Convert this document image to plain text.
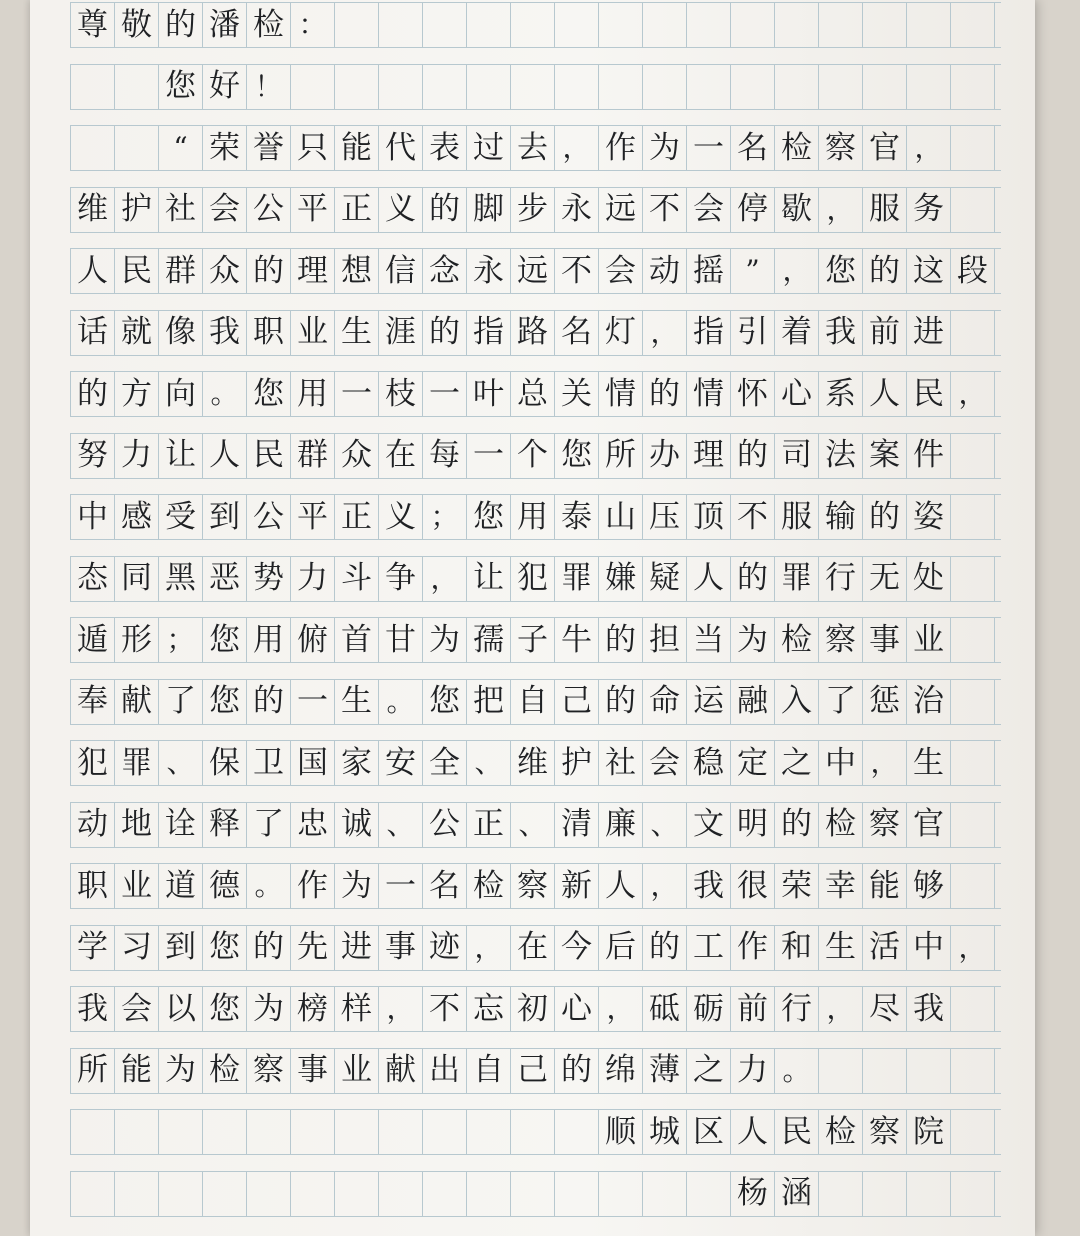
尊 敬 的 潘 检 ：
您 好 ！
“ 荣 誉 只 能 代 表 过 去 ， 作 为 一 名 检 察 官 ，
维 护 社 会 公 平 正 义 的 脚 步 永 远 不 会 停 歇 ， 服 务
人 民 群 众 的 理 想 信 念 永 远 不 会 动 摇 ” ， 您 的 这 段
话 就 像 我 职 业 生 涯 的 指 路 名 灯 ， 指 引 着 我 前 进
的 方 向 。 您 用 一 枝 一 叶 总 关 情 的 情 怀 心 系 人 民 ，
努 力 让 人 民 群 众 在 每 一 个 您 所 办 理 的 司 法 案 件
中 感 受 到 公 平 正 义 ； 您 用 泰 山 压 顶 不 服 输 的 姿
态 同 黑 恶 势 力 斗 争 ， 让 犯 罪 嫌 疑 人 的 罪 行 无 处
遁 形 ； 您 用 俯 首 甘 为 孺 子 牛 的 担 当 为 检 察 事 业
奉 献 了 您 的 一 生 。 您 把 自 己 的 命 运 融 入 了 惩 治
犯 罪 、 保 卫 国 家 安 全 、 维 护 社 会 稳 定 之 中 ， 生
动 地 诠 释 了 忠 诚 、 公 正 、 清 廉 、 文 明 的 检 察 官
职 业 道 德 。 作 为 一 名 检 察 新 人 ， 我 很 荣 幸 能 够
学 习 到 您 的 先 进 事 迹 ， 在 今 后 的 工 作 和 生 活 中 ，
我 会 以 您 为 榜 样 ， 不 忘 初 心 ， 砥 砺 前 行 ， 尽 我
所 能 为 检 察 事 业 献 出 自 己 的 绵 薄 之 力 。
顺 城 区 人 民 检 察 院
杨 涵
